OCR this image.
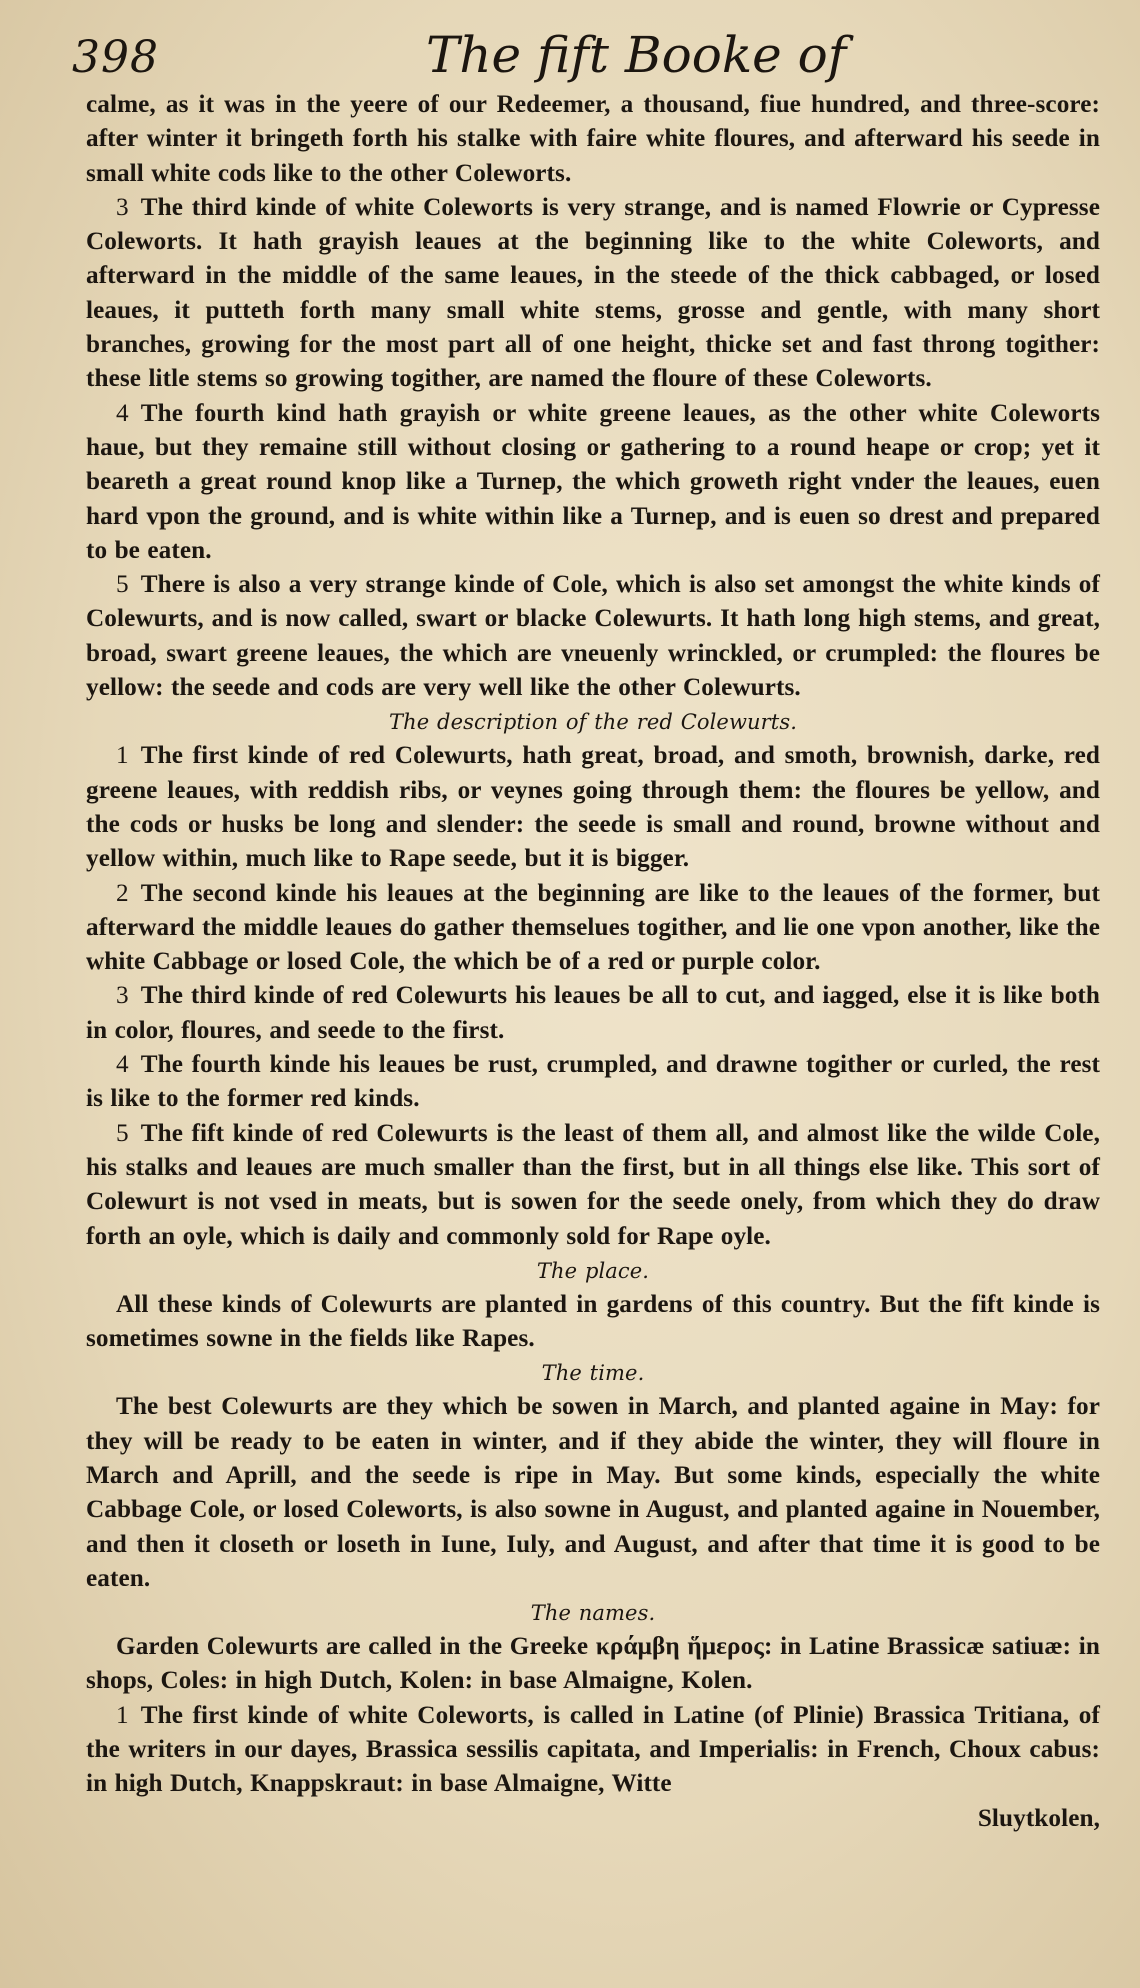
398	The fift Booke of

calme, as it was in the yeere of our Redeemer, a thousand, fiue hundred, and three-score: after winter it bringeth forth his stalke with faire white floures, and afterward his seede in small white cods like to the other Coleworts.

3 The third kinde of white Coleworts is very strange, and is named Flowrie or Cypresse Coleworts. It hath grayish leaues at the beginning like to the white Coleworts, and afterward in the middle of the same leaues, in the steede of the thick cabbaged, or losed leaues, it putteth forth many small white stems, grosse and gentle, with many short branches, growing for the most part all of one height, thicke set and fast throng togither: these litle stems so growing togither, are named the floure of these Coleworts.

4 The fourth kind hath grayish or white greene leaues, as the other white Coleworts haue, but they remaine still without closing or gathering to a round heape or crop; yet it beareth a great round knop like a Turnep, the which groweth right vnder the leaues, euen hard vpon the ground, and is white within like a Turnep, and is euen so drest and prepared to be eaten.

5 There is also a very strange kinde of Cole, which is also set amongst the white kinds of Colewurts, and is now called, swart or blacke Colewurts. It hath long high stems, and great, broad, swart greene leaues, the which are vneuenly wrinckled, or crumpled: the floures be yellow: the seede and cods are very well like the other Colewurts.

The description of the red Colewurts.

1 The first kinde of red Colewurts, hath great, broad, and smoth, brownish, darke, red greene leaues, with reddish ribs, or veynes going through them: the floures be yellow, and the cods or husks be long and slender: the seede is small and round, browne without and yellow within, much like to Rape seede, but it is bigger.

2 The second kinde his leaues at the beginning are like to the leaues of the former, but afterward the middle leaues do gather themselues togither, and lie one vpon another, like the white Cabbage or losed Cole, the which be of a red or purple color.

3 The third kinde of red Colewurts his leaues be all to cut, and iagged, else it is like both in color, floures, and seede to the first.

4 The fourth kinde his leaues be rust, crumpled, and drawne togither or curled, the rest is like to the former red kinds.

5 The fift kinde of red Colewurts is the least of them all, and almost like the wilde Cole, his stalks and leaues are much smaller than the first, but in all things else like. This sort of Colewurt is not vsed in meats, but is sowen for the seede onely, from which they do draw forth an oyle, which is daily and commonly sold for Rape oyle.

The place.

All these kinds of Colewurts are planted in gardens of this country. But the fift kinde is sometimes sowne in the fields like Rapes.

The time.

The best Colewurts are they which be sowen in March, and planted againe in May: for they will be ready to be eaten in winter, and if they abide the winter, they will floure in March and Aprill, and the seede is ripe in May. But some kinds, especially the white Cabbage Cole, or losed Coleworts, is also sowne in August, and planted againe in Nouember, and then it closeth or loseth in Iune, Iuly, and August, and after that time it is good to be eaten.

The names.

Garden Colewurts are called in the Greeke κράμβη ἥμερος: in Latine Brassicæ satiuæ: in shops, Coles: in high Dutch, Kolen: in base Almaigne, Kolen.

1 The first kinde of white Coleworts, is called in Latine (of Plinie) Brassica Tritiana, of the writers in our dayes, Brassica sessilis capitata, and Imperialis: in French, Choux cabus: in high Dutch, Knappskraut: in base Almaigne, Witte

Sluytkolen,
